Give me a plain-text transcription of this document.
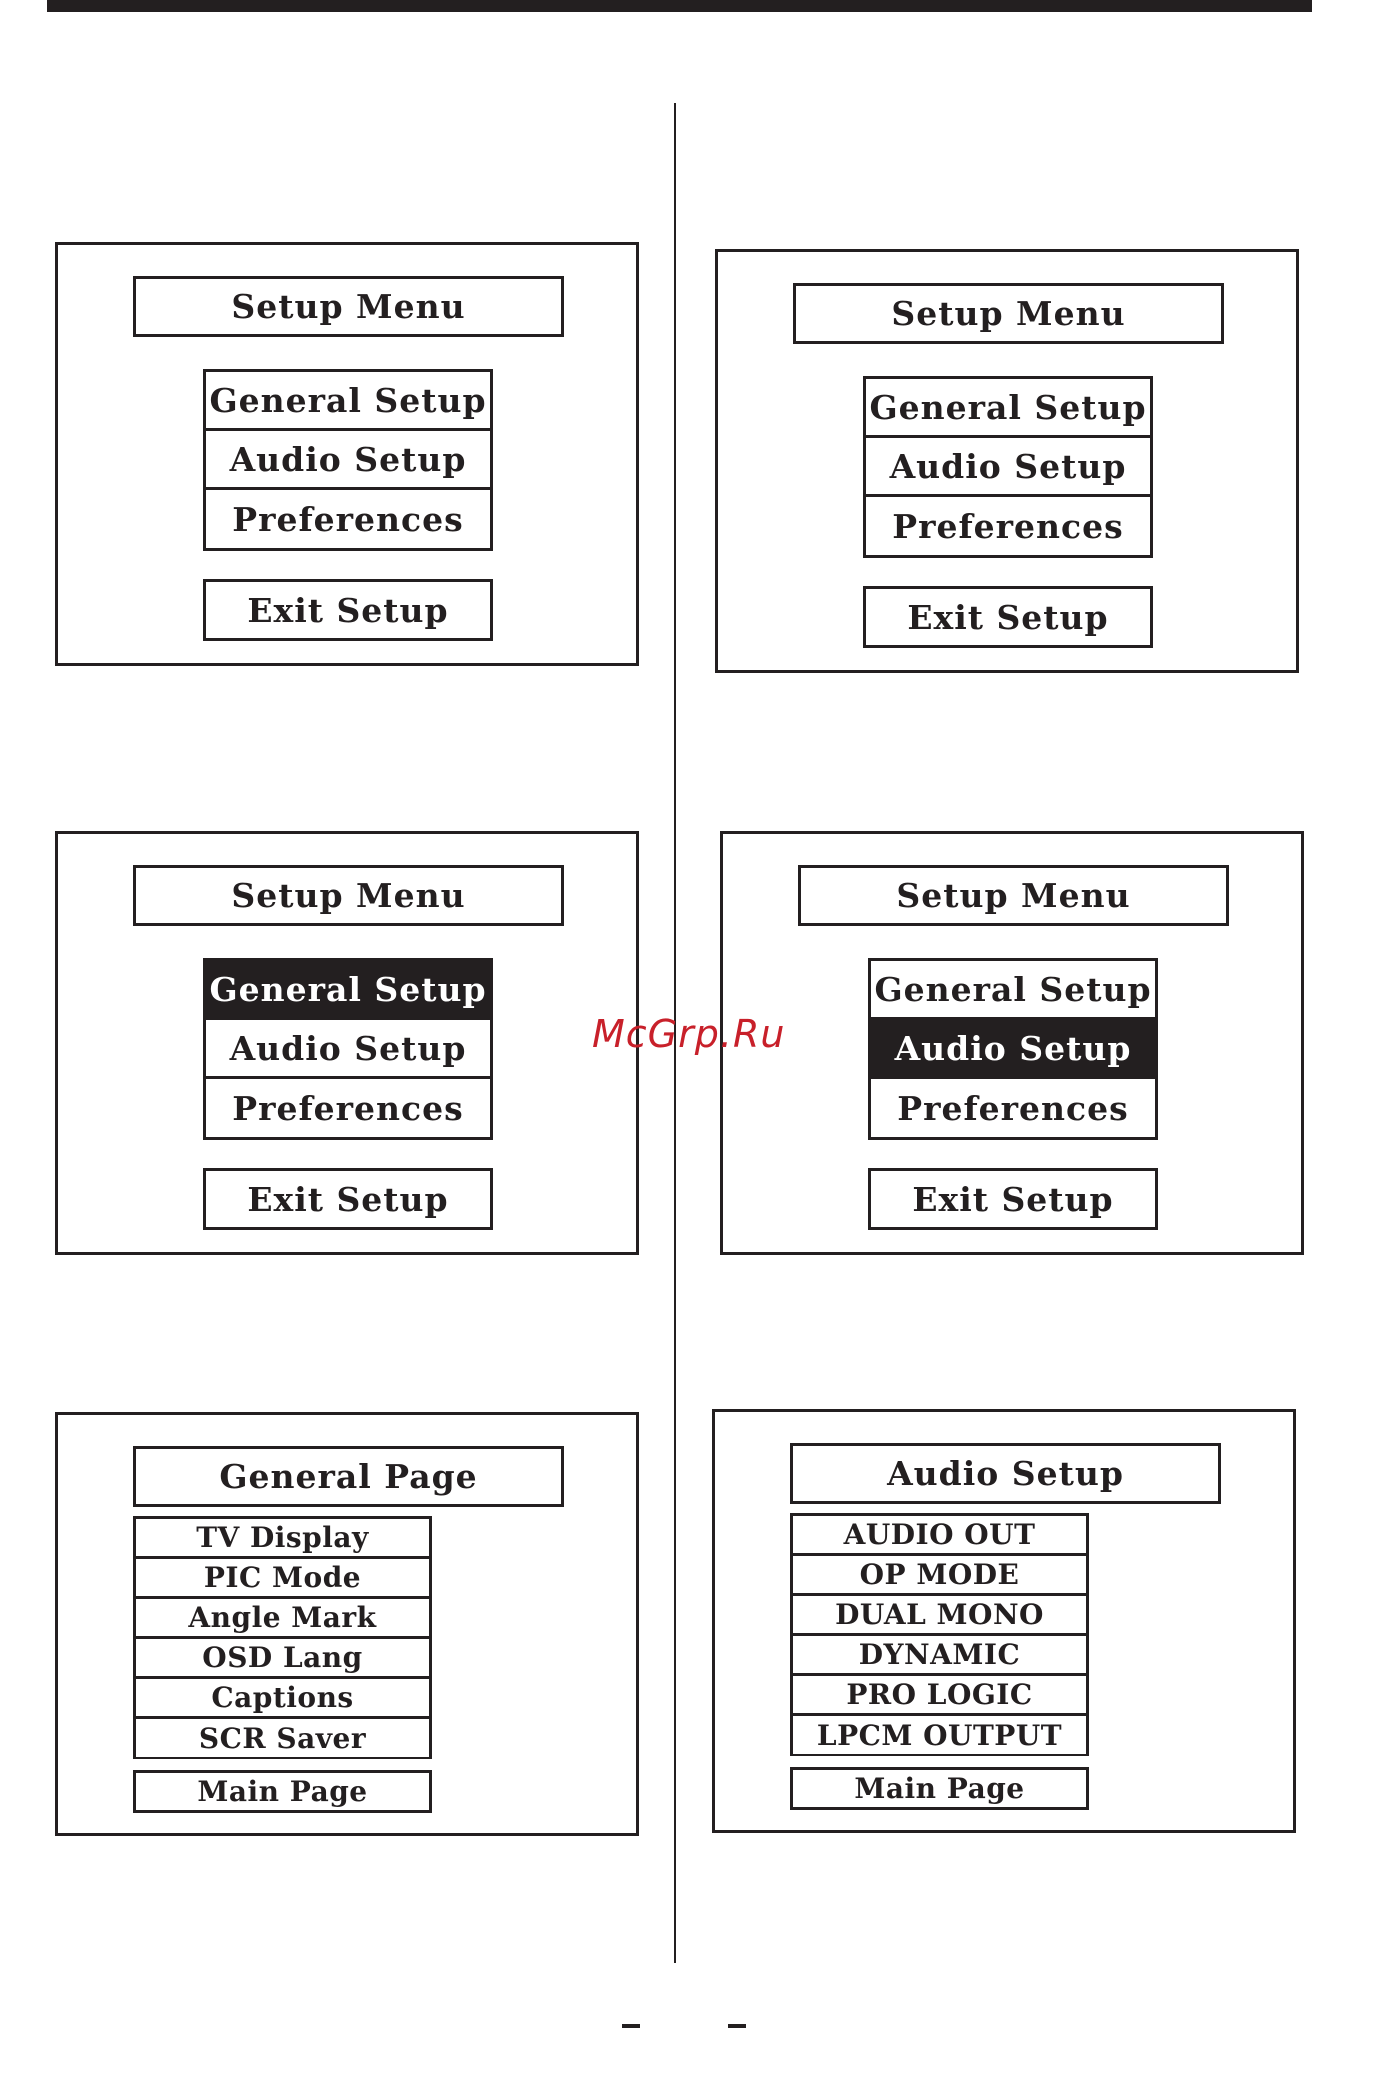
Setup Menu
General Setup
Audio Setup
Preferences
Exit Setup
Setup Menu
General Setup
Audio Setup
Preferences
Exit Setup
Setup Menu
General Setup
Audio Setup
Preferences
Exit Setup
Setup Menu
General Setup
Audio Setup
Preferences
Exit Setup
General Page
TV Display
PIC Mode
Angle Mark
OSD Lang
Captions
SCR Saver
Main Page
Audio Setup
AUDIO OUT
OP MODE
DUAL MONO
DYNAMIC
PRO LOGIC
LPCM OUTPUT
Main Page
McGrp.Ru
